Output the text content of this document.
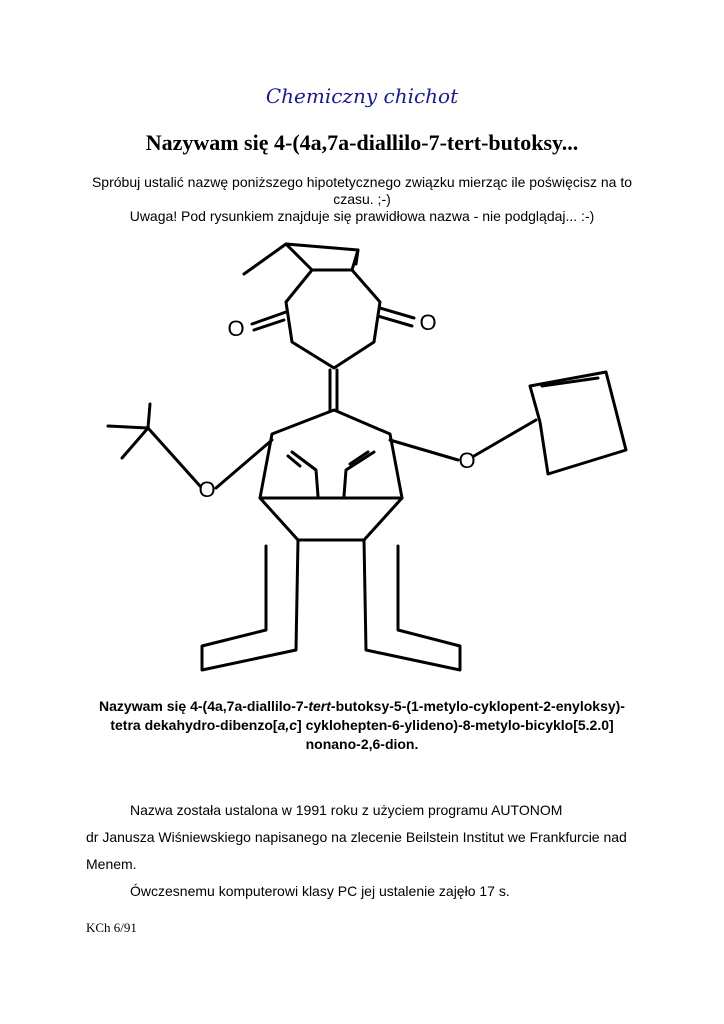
Chemiczny chichot
Nazywam się 4-(4a,7a-diallilo-7-tert-butoksy...

Spróbuj ustalić nazwę poniższego hipotetycznego związku mierząc ile poświęcisz na to czasu. ;-)

Uwaga! Pod rysunkiem znajduje się prawidłowa nazwa - nie podglądaj... :-)

O	O
O
O

Nazywam się 4-(4a,7a-diallilo-7-tert-butoksy-5-(1-metylo-cyklopent-2-enyloksy)-

tetra dekahydro-dibenzo[a,c] cyklohepten-6-ylideno)-8-metylo-bicyklo[5.2.0]

nonano-2,6-dion.

Nazwa została ustalona w 1991 roku z użyciem programu AUTONOM

dr Janusza Wiśniewskiego napisanego na zlecenie Beilstein Institut we Frankfurcie nad Menem.

Ówczesnemu komputerowi klasy PC jej ustalenie zajęło 17 s.

KCh 6/91
